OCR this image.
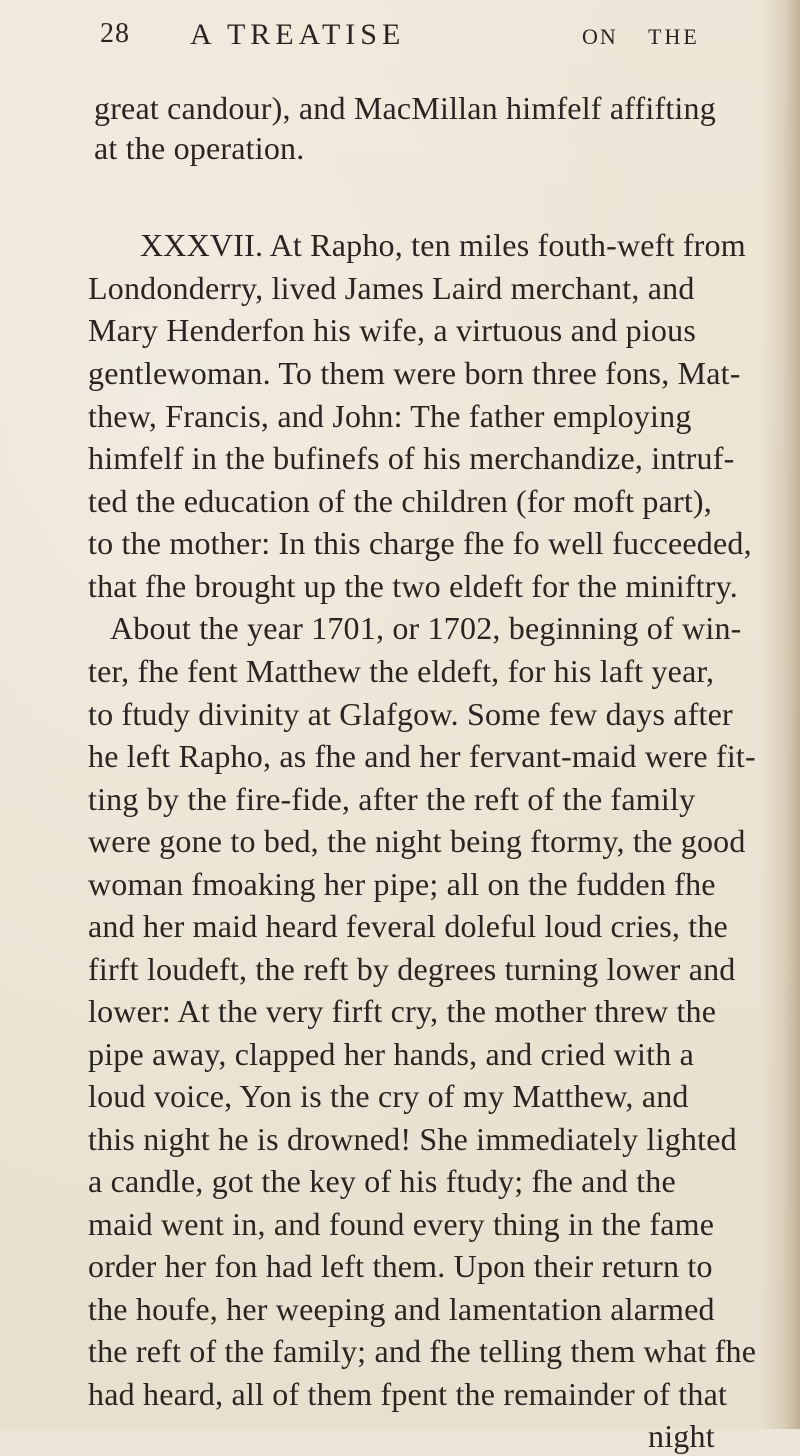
28 A TREATISE	ON THE
great candour), and MacMillan himfelf affifting
at the operation.
XXXVII. At Rapho, ten miles fouth-weft from
Londonderry, lived James Laird merchant, and
Mary Henderfon his wife, a virtuous and pious
gentlewoman. To them were born three fons, Mat-
thew, Francis, and John: The father employing
himfelf in the bufinefs of his merchandize, intruf-
ted the education of the children (for moft part),
to the mother: In this charge fhe fo well fucceeded,
that fhe brought up the two eldeft for the miniftry.
About the year 1701, or 1702, beginning of win-
ter, fhe fent Matthew the eldeft, for his laft year,
to ftudy divinity at Glafgow. Some few days after
he left Rapho, as fhe and her fervant-maid were fit-
ting by the fire-fide, after the reft of the family
were gone to bed, the night being ftormy, the good
woman fmoaking her pipe; all on the fudden fhe
and her maid heard feveral doleful loud cries, the
firft loudeft, the reft by degrees turning lower and
lower: At the very firft cry, the mother threw the
pipe away, clapped her hands, and cried with a
loud voice, Yon is the cry of my Matthew, and
this night he is drowned! She immediately lighted
a candle, got the key of his ftudy; fhe and the
maid went in, and found every thing in the fame
order her fon had left them. Upon their return to
the houfe, her weeping and lamentation alarmed
the reft of the family; and fhe telling them what fhe
had heard, all of them fpent the remainder of that
night
